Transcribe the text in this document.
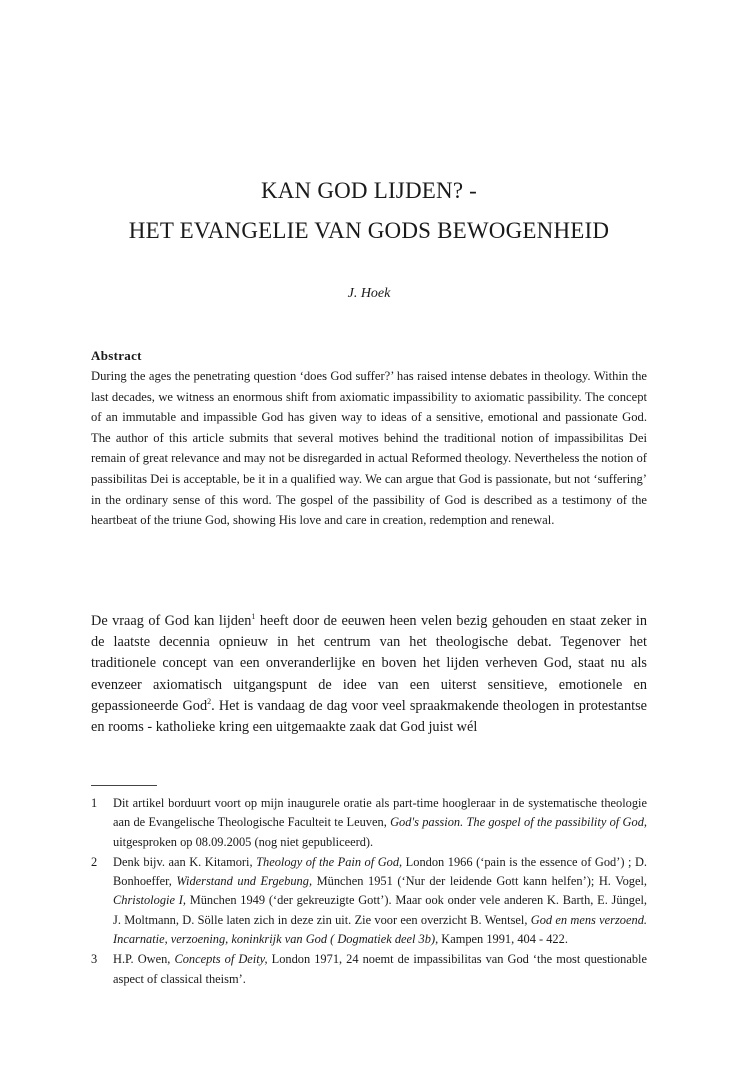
KAN GOD LIJDEN? -
HET EVANGELIE VAN GODS BEWOGENHEID
J. Hoek

Abstract

During the ages the penetrating question ‘does God suffer?’ has raised intense debates in theology. Within the last decades, we witness an enormous shift from axiomatic impassibility to axiomatic passibility. The concept of an immutable and impassible God has given way to ideas of a sensitive, emotional and passionate God. The author of this article submits that several motives behind the traditional notion of impassibilitas Dei remain of great relevance and may not be disregarded in actual Reformed theology. Nevertheless the notion of passibilitas Dei is acceptable, be it in a qualified way. We can argue that God is passionate, but not ‘suffering’ in the ordinary sense of this word. The gospel of the passibility of God is described as a testimony of the heartbeat of the triune God, showing His love and care in creation, redemption and renewal.

De vraag of God kan lijden$^1$ heeft door de eeuwen heen velen bezig gehouden en staat zeker in de laatste decennia opnieuw in het centrum van het theologische debat. Tegenover het traditionele concept van een onveranderlijke en boven het lijden verheven God, staat nu als evenzeer axiomatisch uitgangspunt de idee van een uiterst sensitieve, emotionele en gepassioneerde God$^2$. Het is vandaag de dag voor veel spraakmakende theologen in protestantse en rooms - katholieke kring een uitgemaakte zaak dat God juist wél

1	Dit artikel borduurt voort op mijn inaugurele oratie als part-time hoogleraar in de systematische theologie aan de Evangelische Theologische Faculteit te Leuven, God's passion. The gospel of the passibility of God, uitgesproken op 08.09.2005 (nog niet gepubliceerd).
2	Denk bijv. aan K. Kitamori, Theology of the Pain of God, London 1966 (‘pain is the essence of God’) ; D. Bonhoeffer, Widerstand und Ergebung, München 1951 (‘Nur der leidende Gott kann helfen’); H. Vogel, Christologie I, München 1949 (‘der gekreuzigte Gott’). Maar ook onder vele anderen K. Barth, E. Jüngel, J. Moltmann, D. Sölle laten zich in deze zin uit. Zie voor een overzicht B. Wentsel, God en mens verzoend. Incarnatie, verzoening, koninkrijk van God ( Dogmatiek deel 3b), Kampen 1991, 404 - 422.
3	H.P. Owen, Concepts of Deity, London 1971, 24 noemt de impassibilitas van God ‘the most questionable aspect of classical theism’.
